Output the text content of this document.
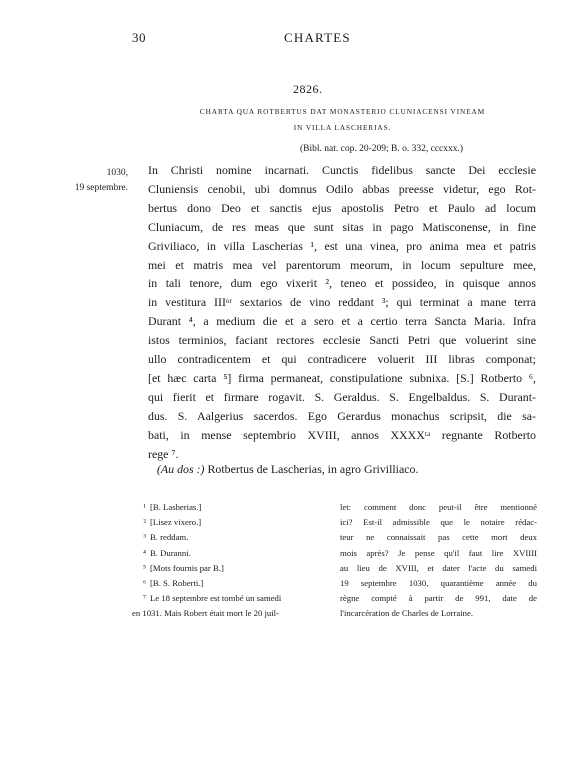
30	CHARTES
2826.
CHARTA QUA ROTBERTUS DAT MONASTERIO CLUNIACENSI VINEAM
IN VILLA LASCHERIAS.
(Bibl. nat. cop. 20-209; B. o. 332, cccxxx.)
1030,
19 septembre.
In Christi nomine incarnati. Cunctis fidelibus sancte Dei ecclesie
Cluniensis cenobii, ubi domnus Odilo abbas preesse videtur, ego Rot-
bertus dono Deo et sanctis ejus apostolis Petro et Paulo ad locum
Cluniacum, de res meas que sunt sitas in pago Matisconense, in fine
Griviliaco, in villa Lascherias ¹, est una vinea, pro anima mea et patris
mei et matris mea vel parentorum meorum, in locum sepulture mee,
in tali tenore, dum ego vixerit ², teneo et possideo, in quisque annos
in vestitura IIIᵒʳ sextarios de vino reddant ³; qui terminat a mane terra
Durant ⁴, a medium die et a sero et a certio terra Sancta Maria. Infra
istos terminios, faciant rectores ecclesie Sancti Petri que voluerint sine
ullo contradicentem et qui contradicere voluerit III libras componat;
[et hæc carta ⁵] firma permaneat, constipulatione subnixa. [S.] Rotberto ⁶,
qui fierit et firmare rogavit. S. Geraldus. S. Engelbaldus. S. Durant-
dus. S. Aalgerius sacerdos. Ego Gerardus monachus scripsit, die sa-
bati, in mense septembrio XVIII, annos XXXXᵗᵃ regnante Rotberto
rege ⁷.
(Au dos :) Rotbertus de Lascherias, in agro Grivilliaco.
¹ [B. Lasherias.]
² [Lisez vixero.]
³ B. reddam.
⁴ B. Duranni.
⁵ [Mots fournis par B.]
⁶ [B. S. Roberti.]
⁷ Le 18 septembre est tombé un samedi
en 1031. Mais Robert était mort le 20 juil-
let: comment donc peut-il être mentionné
ici? Est-il admissible que le notaire rédac-
teur ne connaissait pas cette mort deux
mois après? Je pense qu'il faut lire XVIIII
au lieu de XVIII, et dater l'acte du samedi
19 septembre 1030, quarantième année du
règne compté à partir de 991, date de
l'incarcération de Charles de Lorraine.
